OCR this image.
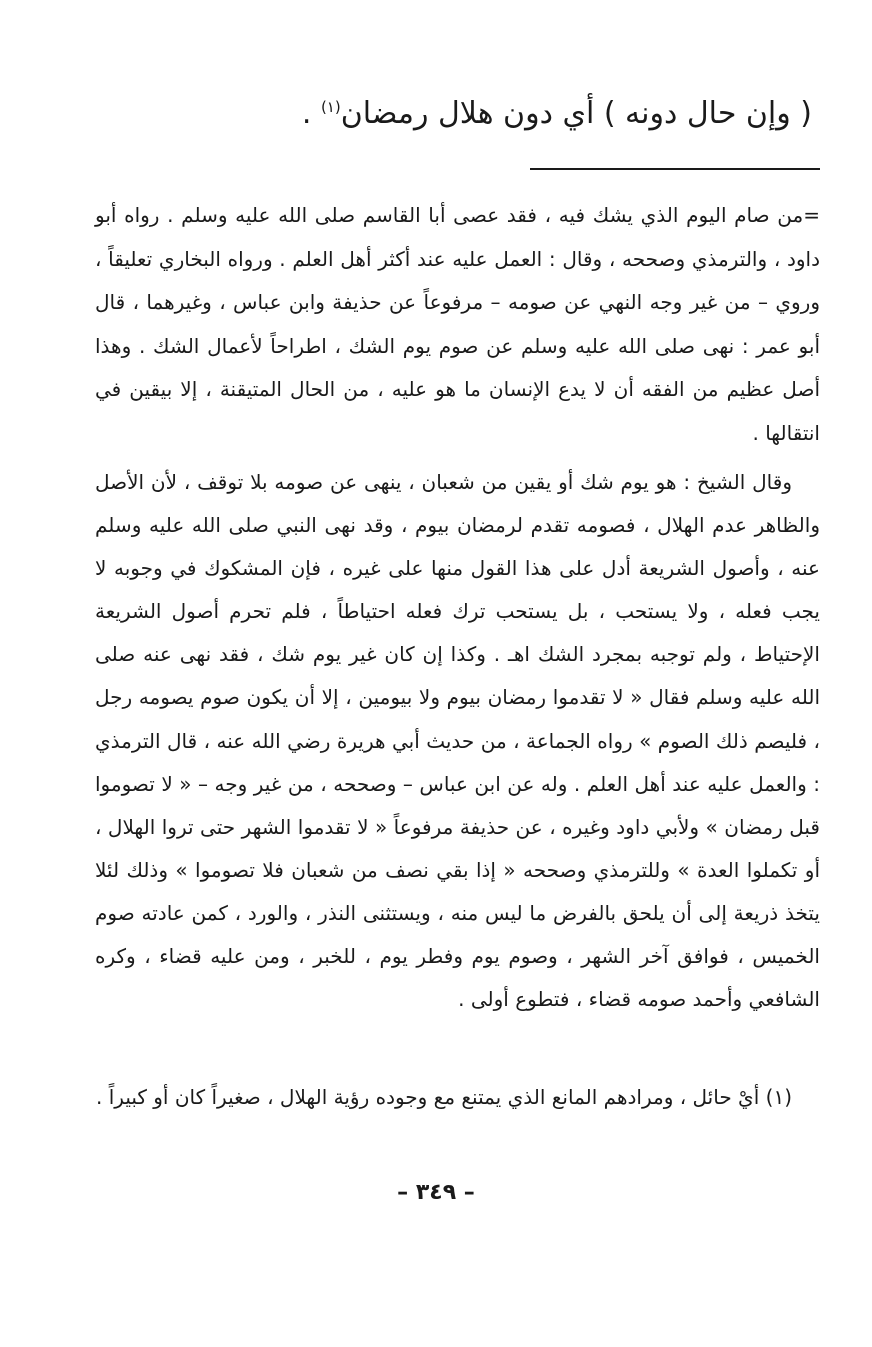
( وإن حال دونه ) أي دون هلال رمضان$^{(١)}$ .

=من صام اليوم الذي يشك فيه ، فقد عصى أبا القاسم صلى الله عليه وسلم . رواه أبو داود ، والترمذي وصححه ، وقال : العمل عليه عند أكثر أهل العلم . ورواه البخاري تعليقاً ، وروي – من غير وجه النهي عن صومه – مرفوعاً عن حذيفة وابن عباس ، وغيرهما ، قال أبو عمر : نهى صلى الله عليه وسلم عن صوم يوم الشك ، اطراحاً لأعمال الشك . وهذا أصل عظيم من الفقه أن لا يدع الإنسان ما هو عليه ، من الحال المتيقنة ، إلا بيقين في انتقالها .

وقال الشيخ : هو يوم شك أو يقين من شعبان ، ينهى عن صومه بلا توقف ، لأن الأصل والظاهر عدم الهلال ، فصومه تقدم لرمضان بيوم ، وقد نهى النبي صلى الله عليه وسلم عنه ، وأصول الشريعة أدل على هذا القول منها على غيره ، فإن المشكوك في وجوبه لا يجب فعله ، ولا يستحب ، بل يستحب ترك فعله احتياطاً ، فلم تحرم أصول الشريعة الإحتياط ، ولم توجبه بمجرد الشك اهـ . وكذا إن كان غير يوم شك ، فقد نهى عنه صلى الله عليه وسلم فقال « لا تقدموا رمضان بيوم ولا بيومين ، إلا أن يكون صوم يصومه رجل ، فليصم ذلك الصوم » رواه الجماعة ، من حديث أبي هريرة رضي الله عنه ، قال الترمذي : والعمل عليه عند أهل العلم . وله عن ابن عباس – وصححه ، من غير وجه – « لا تصوموا قبل رمضان » ولأبي داود وغيره ، عن حذيفة مرفوعاً « لا تقدموا الشهر حتى تروا الهلال ، أو تكملوا العدة » وللترمذي وصححه « إذا بقي نصف من شعبان فلا تصوموا » وذلك لئلا يتخذ ذريعة إلى أن يلحق بالفرض ما ليس منه ، ويستثنى النذر ، والورد ، كمن عادته صوم الخميس ، فوافق آخر الشهر ، وصوم يوم وفطر يوم ، للخبر ، ومن عليه قضاء ، وكره الشافعي وأحمد صومه قضاء ، فتطوع أولى .

(١) أيْ حائل ، ومرادهم المانع الذي يمتنع مع وجوده رؤية الهلال ، صغيراً كان أو كبيراً .

– ٣٤٩ –
